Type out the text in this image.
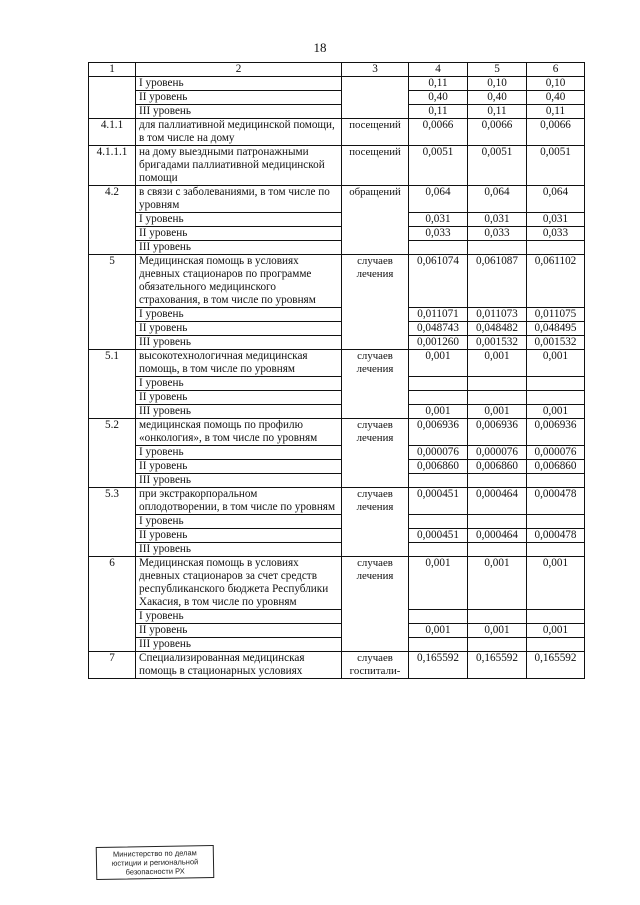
18
1	2	3	4	5	6
	I уровень		0,11	0,10	0,10
	II уровень		0,40	0,40	0,40
	III уровень		0,11	0,11	0,11
4.1.1	для паллиативной медицинской помощи, в том числе на дому	посещений	0,0066	0,0066	0,0066
4.1.1.1	на дому выездными патронажными бригадами паллиативной медицинской помощи	посещений	0,0051	0,0051	0,0051
4.2	в связи с заболеваниями, в том числе по уровням	обращений	0,064	0,064	0,064
	I уровень		0,031	0,031	0,031
	II уровень		0,033	0,033	0,033
	III уровень				
5	Медицинская помощь в условиях дневных стационаров по программе обязательного медицинского страхования, в том числе по уровням	случаев лечения	0,061074	0,061087	0,061102
	I уровень		0,011071	0,011073	0,011075
	II уровень		0,048743	0,048482	0,048495
	III уровень		0,001260	0,001532	0,001532
5.1	высокотехнологичная медицинская помощь, в том числе по уровням	случаев лечения	0,001	0,001	0,001
	I уровень				
	II уровень				
	III уровень		0,001	0,001	0,001
5.2	медицинская помощь по профилю «онкология», в том числе по уровням	случаев лечения	0,006936	0,006936	0,006936
	I уровень		0,000076	0,000076	0,000076
	II уровень		0,006860	0,006860	0,006860
	III уровень				
5.3	при экстракорпоральном оплодотворении, в том числе по уровням	случаев лечения	0,000451	0,000464	0,000478
	I уровень				
	II уровень		0,000451	0,000464	0,000478
	III уровень				
6	Медицинская помощь в условиях дневных стационаров за счет средств республиканского бюджета Республики Хакасия, в том числе по уровням	случаев лечения	0,001	0,001	0,001
	I уровень				
	II уровень		0,001	0,001	0,001
	III уровень				
7	Специализированная медицинская помощь в стационарных условиях	случаев госпитали-	0,165592	0,165592	0,165592
Министерство по делам юстиции и региональной безопасности РХ
